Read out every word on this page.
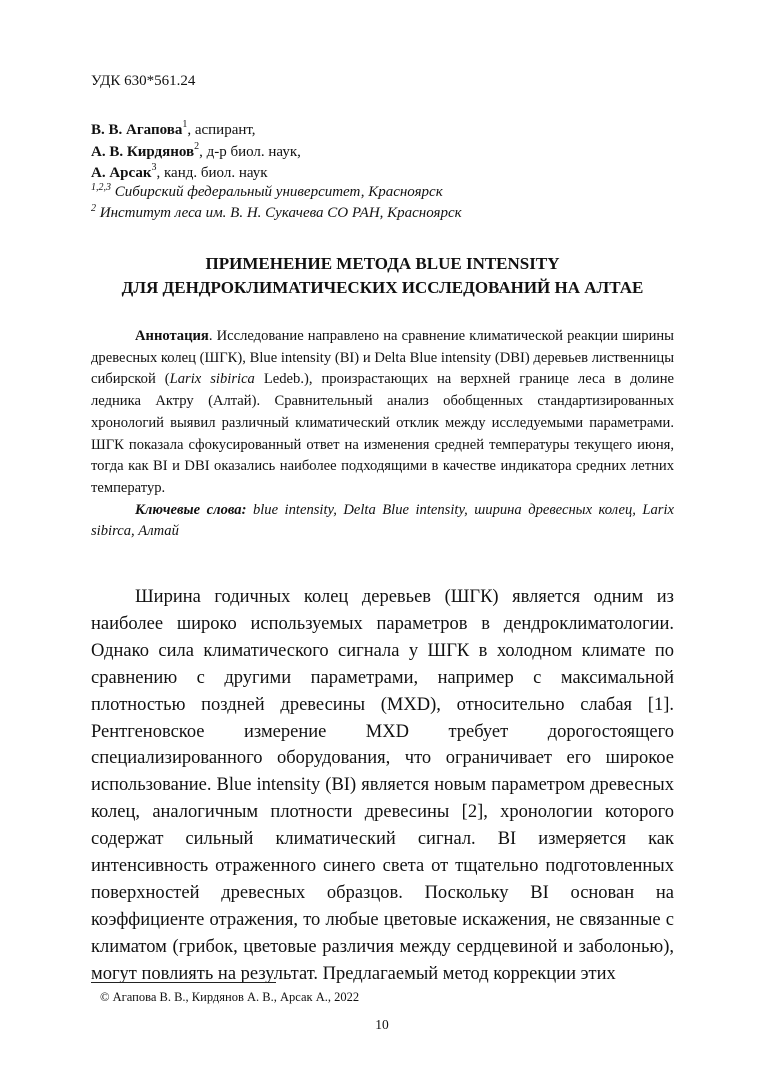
УДК 630*561.24
В. В. Агапова$^1$, аспирант,
А. В. Кирдянов$^2$, д-р биол. наук,
А. Арсак$^3$, канд. биол. наук
$^{1,2,3}$ Сибирский федеральный университет, Красноярск
$^2$ Институт леса им. В. Н. Сукачева СО РАН, Красноярск
ПРИМЕНЕНИЕ МЕТОДА BLUE INTENSITY
ДЛЯ ДЕНДРОКЛИМАТИЧЕСКИХ ИССЛЕДОВАНИЙ НА АЛТАЕ

Аннотация. Исследование направлено на сравнение климатической реакции ширины древесных колец (ШГК), Blue intensity (BI) и Delta Blue intensity (DBI) деревьев лиственницы сибирской (Larix sibirica Ledeb.), произрастающих на верхней границе леса в долине ледника Актру (Алтай). Сравнительный анализ обобщенных стандартизированных хронологий выявил различный климатический отклик между исследуемыми параметрами. ШГК показала сфокусированный ответ на изменения средней температуры текущего июня, тогда как BI и DBI оказались наиболее подходящими в качестве индикатора средних летних температур.

Ключевые слова: blue intensity, Delta Blue intensity, ширина древесных колец, Larix sibirca, Алтай

Ширина годичных колец деревьев (ШГК) является одним из наиболее широко используемых параметров в дендроклиматологии. Однако сила климатического сигнала у ШГК в холодном климате по сравнению с другими параметрами, например с максимальной плотностью поздней древесины (MXD), относительно слабая [1]. Рентгеновское измерение MXD требует дорогостоящего специализированного оборудования, что ограничивает его широкое использование. Blue intensity (BI) является новым параметром древесных колец, аналогичным плотности древесины [2], хронологии которого содержат сильный климатический сигнал. BI измеряется как интенсивность отраженного синего света от тщательно подготовленных поверхностей древесных образцов. Поскольку BI основан на коэффициенте отражения, то любые цветовые искажения, не связанные с климатом (грибок, цветовые различия между сердцевиной и заболонью), могут повлиять на результат. Предлагаемый метод коррекции этих

© Агапова В. В., Кирдянов А. В., Арсак А., 2022
10
